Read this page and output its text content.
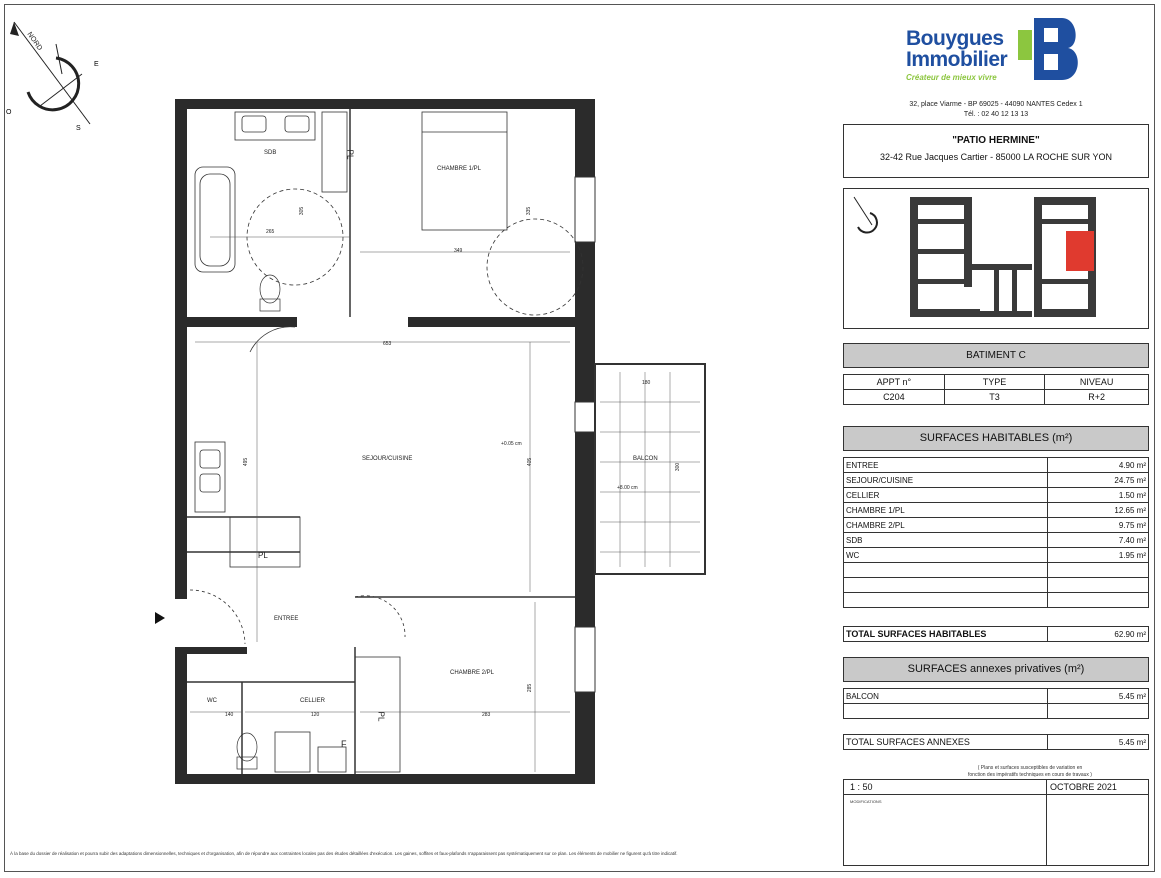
O
E
S
NORD
SDB
CHAMBRE 1/PL
SEJOUR/CUISINE	BALCON
ENTREE
CHAMBRE 2/PL
WC	CELLIER
PL
PL
PL
F
265
305
349
335
653
495	405
180
300
140	120	283
285
+0.05 cm
+8.00 cm
Bouygues
Immobilier
Créateur de mieux vivre
32, place Viarme - BP 69025 - 44090 NANTES Cedex 1
Tél. : 02 40 12 13 13
"PATIO HERMINE"
32-42 Rue Jacques Cartier - 85000 LA ROCHE SUR YON
BATIMENT C
APPT n°	TYPE	NIVEAU
C204	T3	R+2
SURFACES HABITABLES (m²)
ENTREE	4.90 m²
SEJOUR/CUISINE	24.75 m²
CELLIER	1.50 m²
CHAMBRE 1/PL	12.65 m²
CHAMBRE 2/PL	9.75 m²
SDB	7.40 m²
WC	1.95 m²

TOTAL SURFACES HABITABLES	62.90 m²
SURFACES annexes privatives (m²)
BALCON	5.45 m²

TOTAL SURFACES ANNEXES	5.45 m²
( Plans et surfaces susceptibles de variation en
fonction des impératifs techniques en cours de travaux )
1 : 50	OCTOBRE 2021
MODIFICATIONS
À la base du dossier de réalisation et pourra subir des adaptations dimensionnelles, techniques et d'organisation, afin de répondre aux contraintes locales pas des études détaillées d'exécution. Les gaines, soffites et faux-plafonds n'apparaissent pas systématiquement sur ce plan. Les éléments de mobilier ne figurent qu'à titre indicatif.
